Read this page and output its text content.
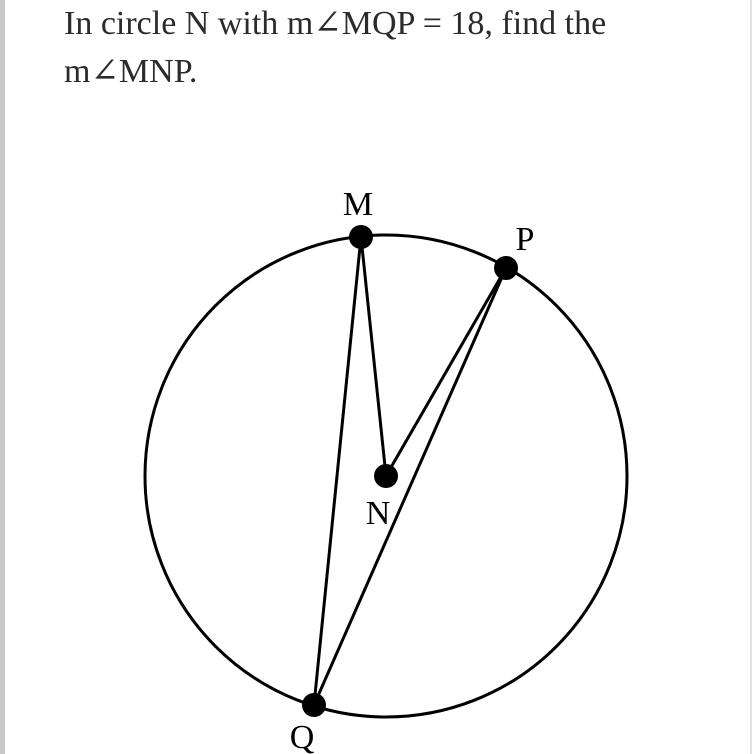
In circle N with m∠MQP = 18, find the
m∠MNP.
M
P
Q
N
